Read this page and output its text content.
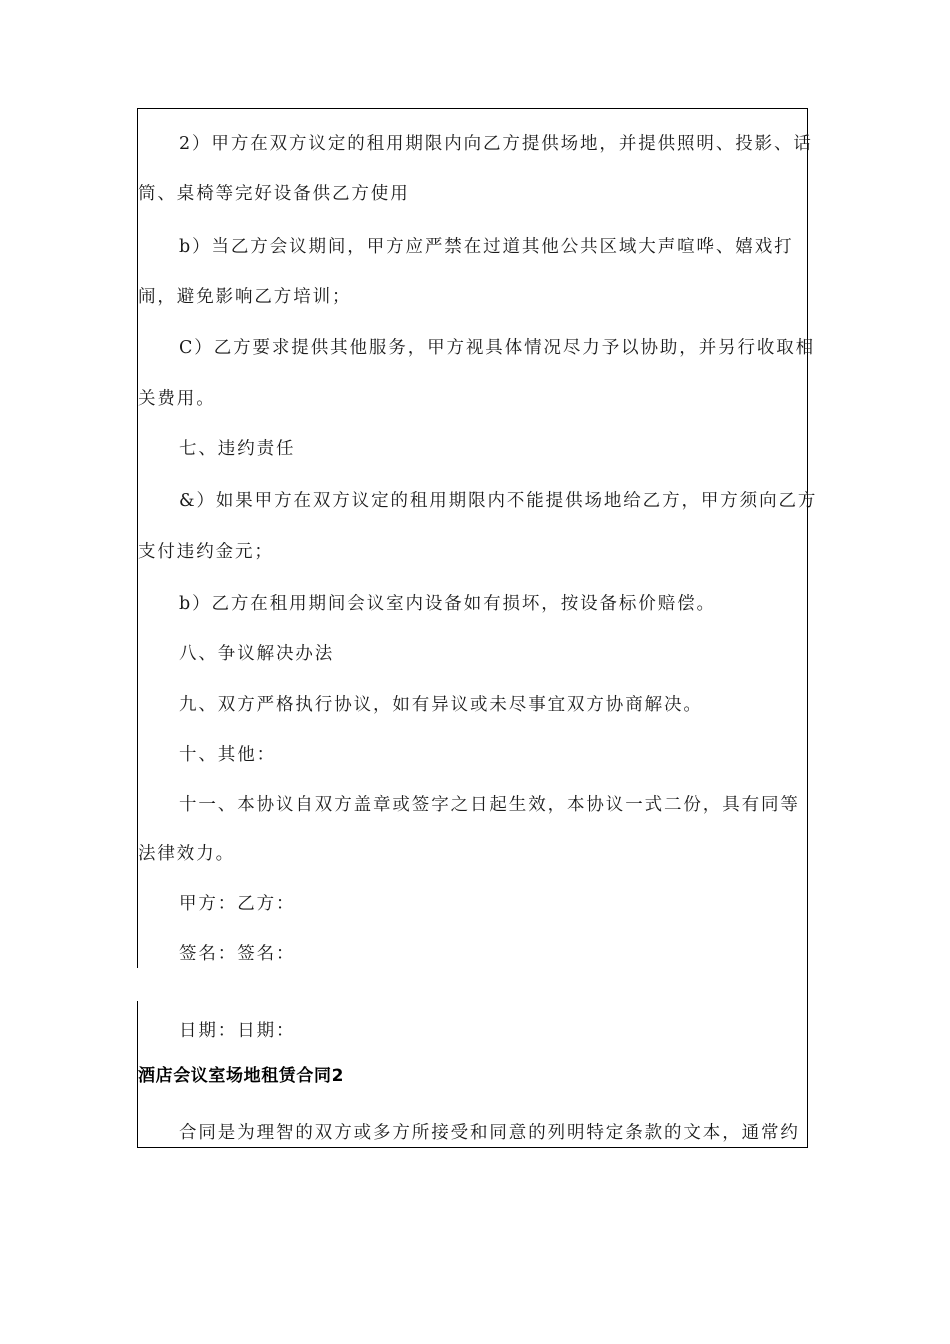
2）甲方在双方议定的租用期限内向乙方提供场地，并提供照明、投影、话
筒、桌椅等完好设备供乙方使用
b）当乙方会议期间，甲方应严禁在过道其他公共区域大声喧哗、嬉戏打
闹，避免影响乙方培训；
C）乙方要求提供其他服务，甲方视具体情况尽力予以协助，并另行收取相
关费用。
七、违约责任
&）如果甲方在双方议定的租用期限内不能提供场地给乙方，甲方须向乙方
支付违约金元；
b）乙方在租用期间会议室内设备如有损坏，按设备标价赔偿。
八、争议解决办法
九、双方严格执行协议，如有异议或未尽事宜双方协商解决。
十、其他：
十一、本协议自双方盖章或签字之日起生效，本协议一式二份，具有同等
法律效力。
甲方：乙方：
签名：签名：
日期：日期：
酒店会议室场地租赁合同2
合同是为理智的双方或多方所接受和同意的列明特定条款的文本，通常约
